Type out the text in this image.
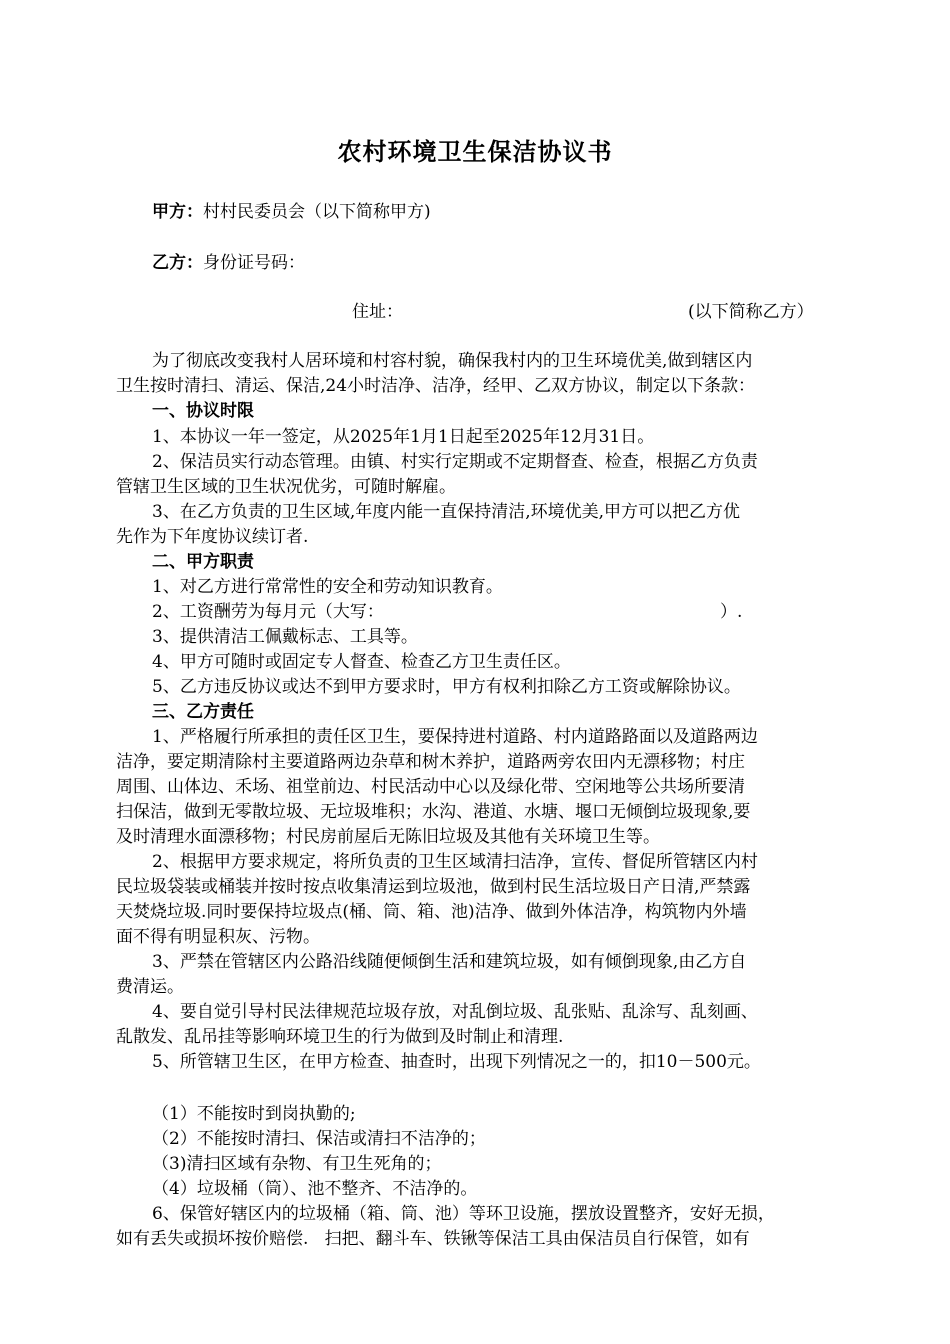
农村环境卫生保洁协议书
甲方：村村民委员会（以下简称甲方)
乙方：身份证号码：
住址：	(以下简称乙方）
为了彻底改变我村人居环境和村容村貌，确保我村内的卫生环境优美,做到辖区内
卫生按时清扫、清运、保洁,24小时洁净、洁净，经甲、乙双方协议，制定以下条款：
一、协议时限
1、本协议一年一签定，从2025年1月1日起至2025年12月31日。
2、保洁员实行动态管理。由镇、村实行定期或不定期督查、检查，根据乙方负责
管辖卫生区域的卫生状况优劣，可随时解雇。
3、在乙方负责的卫生区域,年度内能一直保持清洁,环境优美,甲方可以把乙方优
先作为下年度协议续订者.
二、甲方职责
1、对乙方进行常常性的安全和劳动知识教育。
2、工资酬劳为每月元（大写：	）.
3、提供清洁工佩戴标志、工具等。
4、甲方可随时或固定专人督查、检查乙方卫生责任区。
5、乙方违反协议或达不到甲方要求时，甲方有权利扣除乙方工资或解除协议。
三、乙方责任
1、严格履行所承担的责任区卫生，要保持进村道路、村内道路路面以及道路两边
洁净，要定期清除村主要道路两边杂草和树木养护，道路两旁农田内无漂移物；村庄
周围、山体边、禾场、祖堂前边、村民活动中心以及绿化带、空闲地等公共场所要清
扫保洁，做到无零散垃圾、无垃圾堆积；水沟、港道、水塘、堰口无倾倒垃圾现象,要
及时清理水面漂移物；村民房前屋后无陈旧垃圾及其他有关环境卫生等。
2、根据甲方要求规定，将所负责的卫生区域清扫洁净，宣传、督促所管辖区内村
民垃圾袋装或桶装并按时按点收集清运到垃圾池，做到村民生活垃圾日产日清,严禁露
天焚烧垃圾.同时要保持垃圾点(桶、筒、箱、池)洁净、做到外体洁净，构筑物内外墙
面不得有明显积灰、污物。
3、严禁在管辖区内公路沿线随便倾倒生活和建筑垃圾，如有倾倒现象,由乙方自
费清运。
4、要自觉引导村民法律规范垃圾存放，对乱倒垃圾、乱张贴、乱涂写、乱刻画、
乱散发、乱吊挂等影响环境卫生的行为做到及时制止和清理.
5、所管辖卫生区，在甲方检查、抽查时，出现下列情况之一的，扣10－500元。
（1）不能按时到岗执勤的;
（2）不能按时清扫、保洁或清扫不洁净的；
（3)清扫区域有杂物、有卫生死角的；
（4）垃圾桶（筒）、池不整齐、不洁净的。
6、保管好辖区内的垃圾桶（箱、筒、池）等环卫设施，摆放设置整齐，安好无损，
如有丢失或损坏按价赔偿.   扫把、翻斗车、铁锹等保洁工具由保洁员自行保管，如有
